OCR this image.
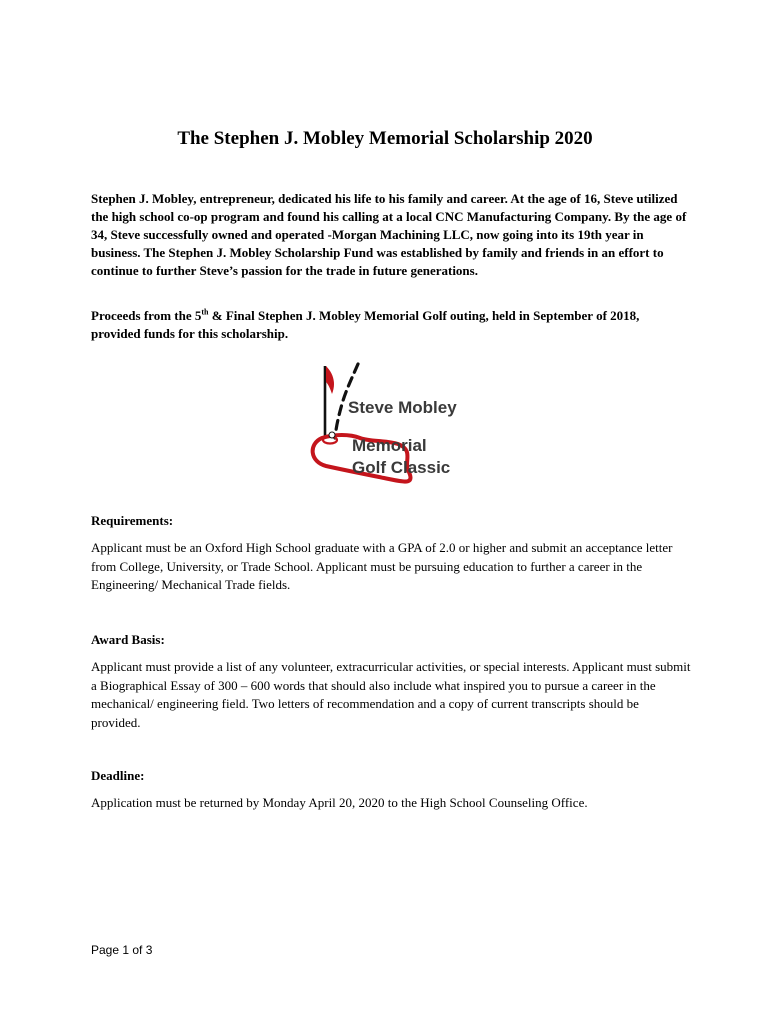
The Stephen J. Mobley Memorial Scholarship 2020

Stephen J. Mobley, entrepreneur, dedicated his life to his family and career. At the age of 16, Steve utilized the high school co-op program and found his calling at a local CNC Manufacturing Company. By the age of 34, Steve successfully owned and operated -Morgan Machining LLC, now going into its 19th year in business. The Stephen J. Mobley Scholarship Fund was established by family and friends in an effort to continue to further Steve’s passion for the trade in future generations.

Proceeds from the 5th & Final Stephen J. Mobley Memorial Golf outing, held in September of 2018, provided funds for this scholarship.

Steve Mobley
Memorial
Golf Classic

Requirements:

Applicant must be an Oxford High School graduate with a GPA of 2.0 or higher and submit an acceptance letter from College, University, or Trade School. Applicant must be pursuing education to further a career in the Engineering/ Mechanical Trade fields.

Award Basis:

Applicant must provide a list of any volunteer, extracurricular activities, or special interests. Applicant must submit a Biographical Essay of 300 – 600 words that should also include what inspired you to pursue a career in the mechanical/ engineering field. Two letters of recommendation and a copy of current transcripts should be provided.

Deadline:

Application must be returned by Monday April 20, 2020 to the High School Counseling Office.

Page 1 of 3
